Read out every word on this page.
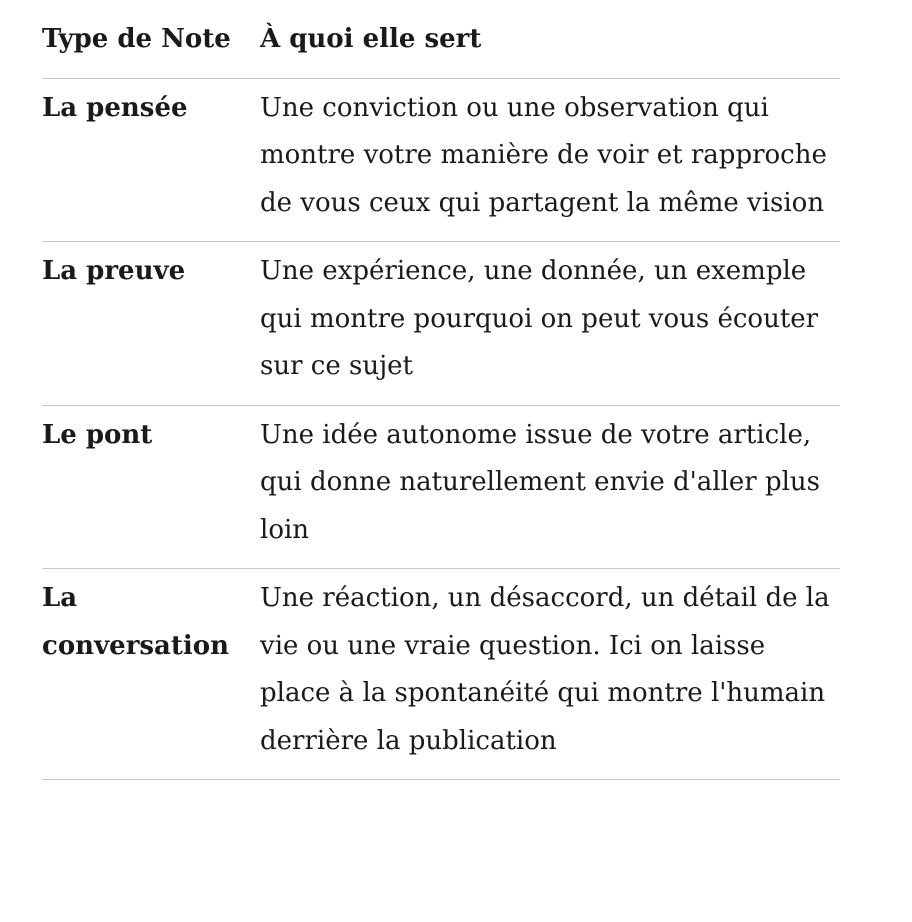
Type de Note	À quoi elle sert
La pensée	Une conviction ou une observation qui montre votre manière de voir et rapproche de vous ceux qui partagent la même vision
La preuve	Une expérience, une donnée, un exemple qui montre pourquoi on peut vous écouter sur ce sujet
Le pont	Une idée autonome issue de votre article, qui donne naturellement envie d'aller plus loin
La conversation	Une réaction, un désaccord, un détail de la vie ou une vraie question. Ici on laisse place à la spontanéité qui montre l'humain derrière la publication
